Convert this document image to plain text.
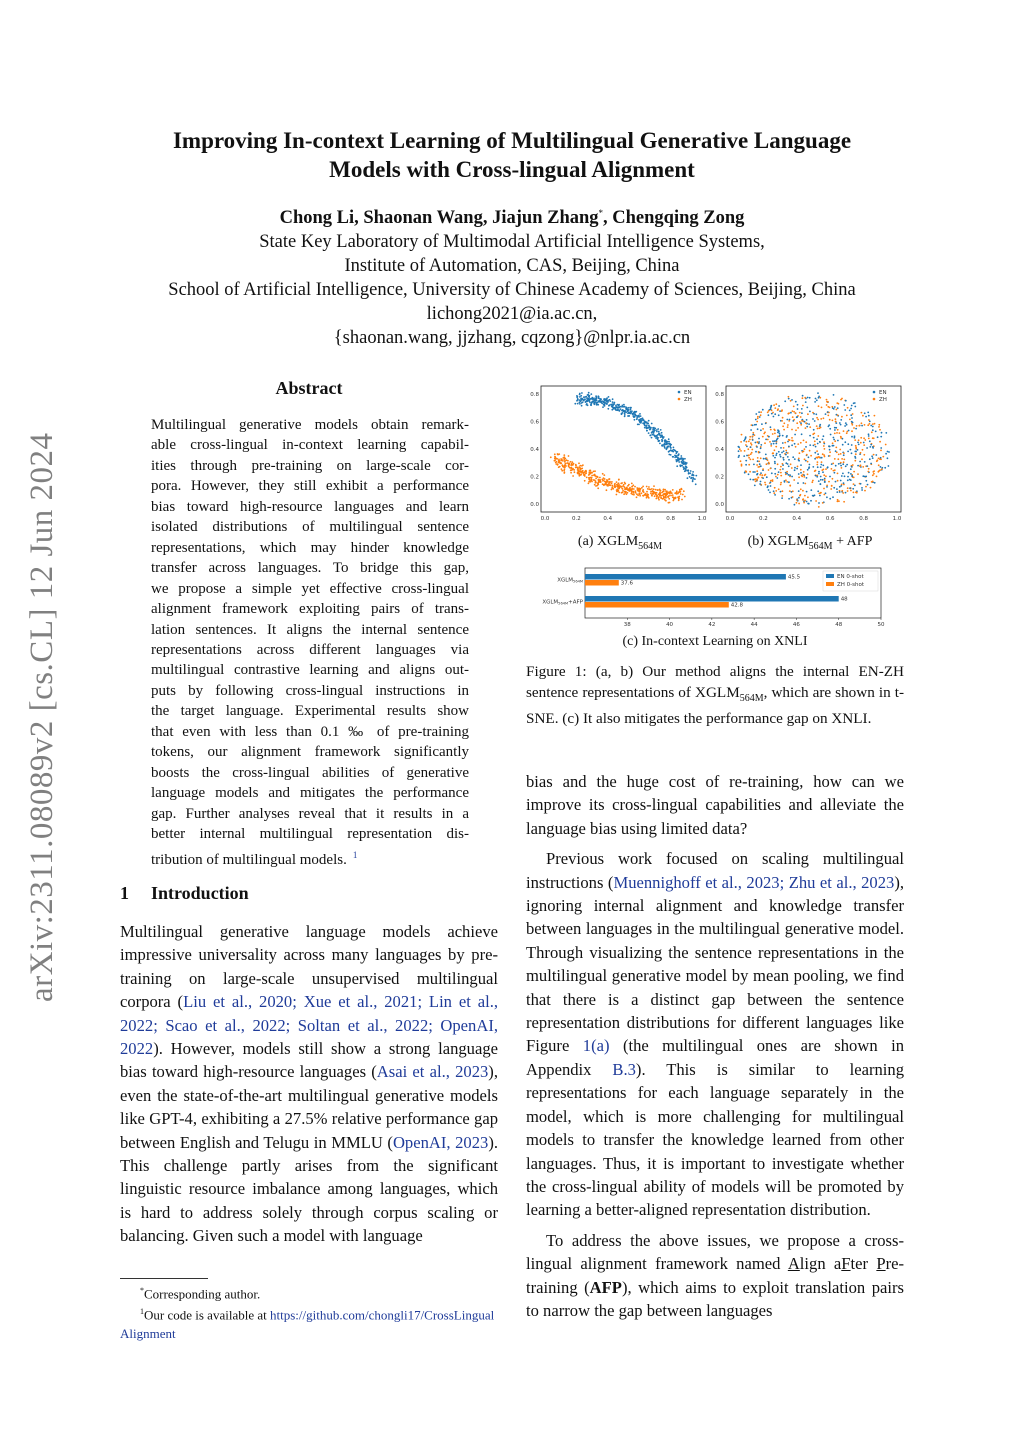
arXiv:2311.08089v2 [cs.CL] 12 Jun 2024
Improving In-context Learning of Multilingual Generative Language
Models with Cross-lingual Alignment
Chong Li, Shaonan Wang, Jiajun Zhang*, Chengqing Zong
State Key Laboratory of Multimodal Artificial Intelligence Systems,
Institute of Automation, CAS, Beijing, China
School of Artificial Intelligence, University of Chinese Academy of Sciences, Beijing, China
lichong2021@ia.ac.cn,
{shaonan.wang, jjzhang, cqzong}@nlpr.ia.ac.cn
Abstract
Multilingual generative models obtain remark-
able cross-lingual in-context learning capabil-
ities through pre-training on large-scale cor-
pora. However, they still exhibit a performance
bias toward high-resource languages and learn
isolated distributions of multilingual sentence
representations, which may hinder knowledge
transfer across languages. To bridge this gap,
we propose a simple yet effective cross-lingual
alignment framework exploiting pairs of trans-
lation sentences. It aligns the internal sentence
representations across different languages via
multilingual contrastive learning and aligns out-
puts by following cross-lingual instructions in
the target language. Experimental results show
that even with less than 0.1 ‰ of pre-training
tokens, our alignment framework significantly
boosts the cross-lingual abilities of generative
language models and mitigates the performance
gap. Further analyses reveal that it results in a
better internal multilingual representation dis-
tribution of multilingual models. $^1$
1 Introduction
Multilingual generative language models achieve impressive universality across many languages by pre-training on large-scale unsupervised multilingual corpora (Liu et al., 2020; Xue et al., 2021; Lin et al., 2022; Scao et al., 2022; Soltan et al., 2022; OpenAI, 2022). However, models still show a strong language bias toward high-resource languages (Asai et al., 2023), even the state-of-the-art multilingual generative models like GPT-4, exhibiting a 27.5% relative performance gap between English and Telugu in MMLU (OpenAI, 2023). This challenge partly arises from the significant linguistic resource imbalance among languages, which is hard to address solely through corpus scaling or balancing. Given such a model with language
*Corresponding author.
$^1$Our code is available at https://github.com/chongli17/CrossLingualAlignment
0.0	0.2	0.4	0.6	0.8	1.0
0.0
0.2
0.4
0.6
0.8	EN
ZH
0.0	0.2	0.4	0.6	0.8	1.0
0.0
0.2
0.4
0.6
0.8	EN
ZH
(a) $XGLM_{564M}$	(b) $XGLM_{564M}$ + AFP
45.5
37.6
XGLM564M
48
42.8
XGLM564M+AFP
38	40	42	44	46	48	50
EN 0-shot
ZH 0-shot
(c) In-context Learning on XNLI
Figure 1: (a, b) Our method aligns the internal EN-ZH sentence representations of $XGLM_{564M}$, which are shown in t-SNE. (c) It also mitigates the performance gap on XNLI.

bias and the huge cost of re-training, how can we improve its cross-lingual capabilities and alleviate the language bias using limited data?

Previous work focused on scaling multilingual instructions (Muennighoff et al., 2023; Zhu et al., 2023), ignoring internal alignment and knowledge transfer between languages in the multilingual generative model. Through visualizing the sentence representations in the multilingual generative model by mean pooling, we find that there is a distinct gap between the sentence representation distributions for different languages like Figure 1(a) (the multilingual ones are shown in Appendix B.3). This is similar to learning representations for each language separately in the model, which is more challenging for multilingual models to transfer the knowledge learned from other languages. Thus, it is important to investigate whether the cross-lingual ability of models will be promoted by learning a better-aligned representation distribution.

To address the above issues, we propose a cross-lingual alignment framework named Align aFter Pre-training (AFP), which aims to exploit translation pairs to narrow the gap between languages
